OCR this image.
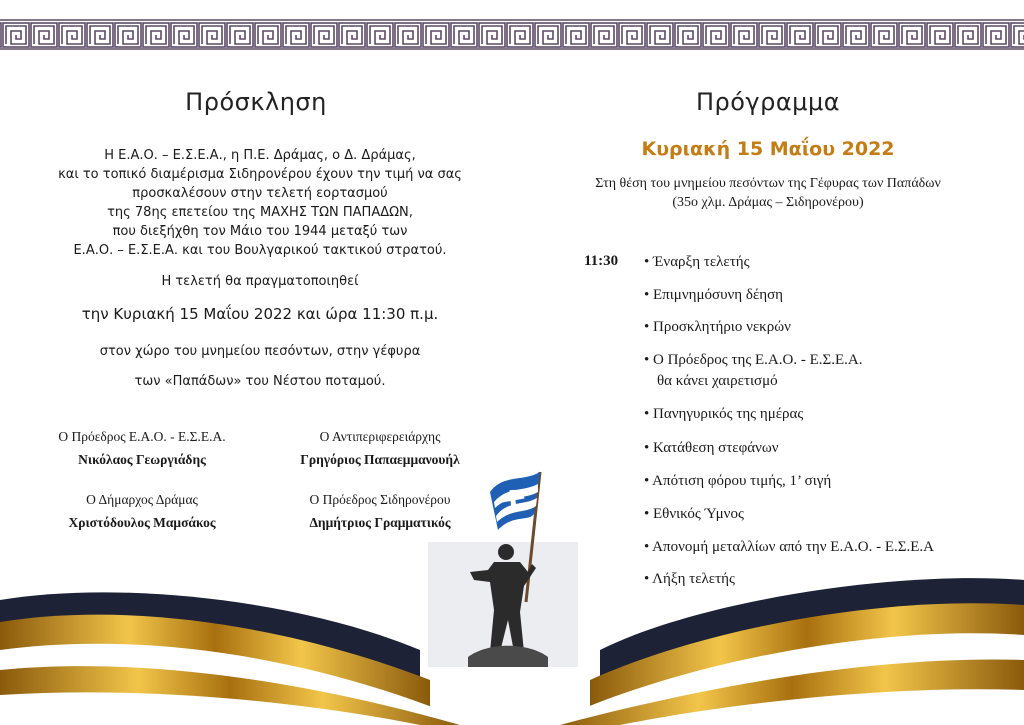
Πρόσκληση
Η Ε.Α.Ο. – Ε.Σ.Ε.Α., η Π.Ε. Δράμας, ο Δ. Δράμας,
και το τοπικό διαμέρισμα Σιδηρονέρου έχουν την τιμή να σας
προσκαλέσουν στην τελετή εορτασμού
της 78ης επετείου της ΜΑΧΗΣ ΤΩΝ ΠΑΠΑΔΩΝ,
που διεξήχθη τον Μάιο του 1944 μεταξύ των
Ε.Α.Ο. – Ε.Σ.Ε.Α. και του Βουλγαρικού τακτικού στρατού.
Η τελετή θα πραγματοποιηθεί
την Κυριακή 15 Μαΐου 2022 και ώρα 11:30 π.μ.
στον χώρο του μνημείου πεσόντων, στην γέφυρα
των «Παπάδων» του Νέστου ποταμού.
Ο Πρόεδρος Ε.Α.Ο. - Ε.Σ.Ε.Α.
Νικόλαος Γεωργιάδης
Ο Αντιπεριφερειάρχης
Γρηγόριος Παπαεμμανουήλ
Ο Δήμαρχος Δράμας
Χριστόδουλος Μαμσάκος
Ο Πρόεδρος Σιδηρονέρου
Δημήτριος Γραμματικός
Πρόγραμμα
Κυριακή 15 Μαΐου 2022
Στη θέση του μνημείου πεσόντων της Γέφυρας των Παπάδων
(35ο χλμ. Δράμας – Σιδηρονέρου)
11:30 • Έναρξη τελετής
• Επιμνημόσυνη δέηση
• Προσκλητήριο νεκρών
• Ο Πρόεδρος της Ε.Α.Ο. - Ε.Σ.Ε.Α.
θα κάνει χαιρετισμό
• Πανηγυρικός της ημέρας
• Κατάθεση στεφάνων
• Απότιση φόρου τιμής, 1’ σιγή
• Εθνικός Ύμνος
• Απονομή μεταλλίων από την Ε.Α.Ο. - Ε.Σ.Ε.Α
• Λήξη τελετής
